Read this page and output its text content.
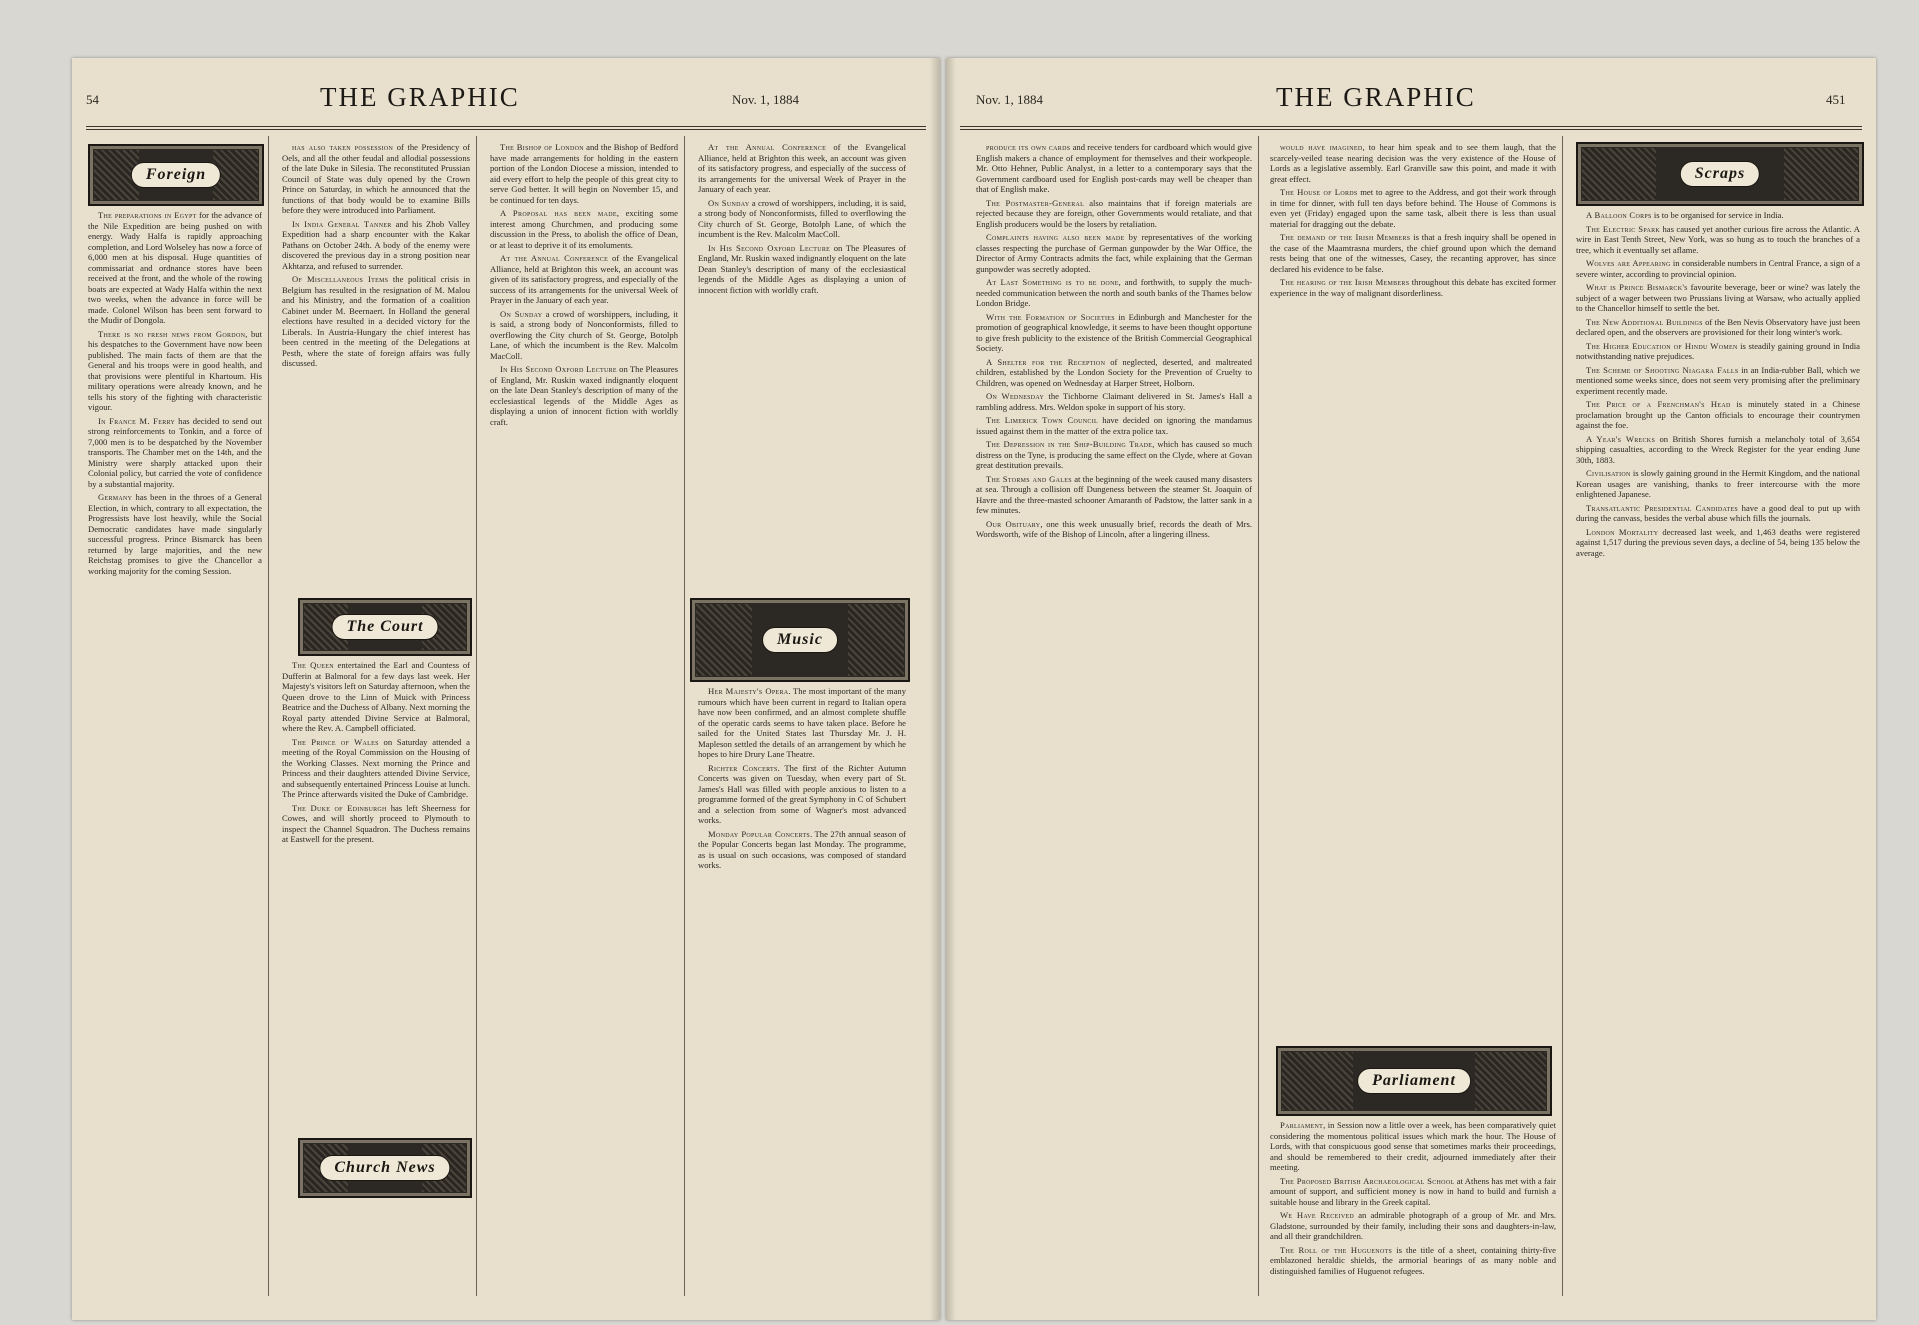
54	THE GRAPHIC	Nov. 1, 1884
Foreign

The preparations in Egypt for the advance of the Nile Expedition are being pushed on with energy. Wady Halfa is rapidly approaching completion, and Lord Wolseley has now a force of 6,000 men at his disposal. Huge quantities of commissariat and ordnance stores have been received at the front, and the whole of the rowing boats are expected at Wady Halfa within the next two weeks, when the advance in force will be made. Colonel Wilson has been sent forward to the Mudir of Dongola.

There is no fresh news from Gordon, but his despatches to the Government have now been published. The main facts of them are that the General and his troops were in good health, and that provisions were plentiful in Khartoum. His military operations were already known, and he tells his story of the fighting with characteristic vigour.

In France M. Ferry has decided to send out strong reinforcements to Tonkin, and a force of 7,000 men is to be despatched by the November transports. The Chamber met on the 14th, and the Ministry were sharply attacked upon their Colonial policy, but carried the vote of confidence by a substantial majority.

Germany has been in the throes of a General Election, in which, contrary to all expectation, the Progressists have lost heavily, while the Social Democratic candidates have made singularly successful progress. Prince Bismarck has been returned by large majorities, and the new Reichstag promises to give the Chancellor a working majority for the coming Session.

has also taken possession of the Presidency of Oels, and all the other feudal and allodial possessions of the late Duke in Silesia. The reconstituted Prussian Council of State was duly opened by the Crown Prince on Saturday, in which he announced that the functions of that body would be to examine Bills before they were introduced into Parliament.

In India General Tanner and his Zhob Valley Expedition had a sharp encounter with the Kakar Pathans on October 24th. A body of the enemy were discovered the previous day in a strong position near Akhtarza, and refused to surrender.

Of Miscellaneous Items the political crisis in Belgium has resulted in the resignation of M. Malou and his Ministry, and the formation of a coalition Cabinet under M. Beernaert. In Holland the general elections have resulted in a decided victory for the Liberals. In Austria-Hungary the chief interest has been centred in the meeting of the Delegations at Pesth, where the state of foreign affairs was fully discussed.

The Court

The Queen entertained the Earl and Countess of Dufferin at Balmoral for a few days last week. Her Majesty's visitors left on Saturday afternoon, when the Queen drove to the Linn of Muick with Princess Beatrice and the Duchess of Albany. Next morning the Royal party attended Divine Service at Balmoral, where the Rev. A. Campbell officiated.

The Prince of Wales on Saturday attended a meeting of the Royal Commission on the Housing of the Working Classes. Next morning the Prince and Princess and their daughters attended Divine Service, and subsequently entertained Princess Louise at lunch. The Prince afterwards visited the Duke of Cambridge.

The Duke of Edinburgh has left Sheerness for Cowes, and will shortly proceed to Plymouth to inspect the Channel Squadron. The Duchess remains at Eastwell for the present.

Church News

The Bishop of London and the Bishop of Bedford have made arrangements for holding in the eastern portion of the London Diocese a mission, intended to aid every effort to help the people of this great city to serve God better. It will begin on November 15, and be continued for ten days.

A Proposal has been made, exciting some interest among Churchmen, and producing some discussion in the Press, to abolish the office of Dean, or at least to deprive it of its emoluments.

At the Annual Conference of the Evangelical Alliance, held at Brighton this week, an account was given of its satisfactory progress, and especially of the success of its arrangements for the universal Week of Prayer in the January of each year.

On Sunday a crowd of worshippers, including, it is said, a strong body of Nonconformists, filled to overflowing the City church of St. George, Botolph Lane, of which the incumbent is the Rev. Malcolm MacColl.

In His Second Oxford Lecture on The Pleasures of England, Mr. Ruskin waxed indignantly eloquent on the late Dean Stanley's description of many of the ecclesiastical legends of the Middle Ages as displaying a union of innocent fiction with worldly craft.

Music

At the Annual Conference of the Evangelical Alliance, held at Brighton this week, an account was given of its satisfactory progress, and especially of the success of its arrangements for the universal Week of Prayer in the January of each year.

On Sunday a crowd of worshippers, including, it is said, a strong body of Nonconformists, filled to overflowing the City church of St. George, Botolph Lane, of which the incumbent is the Rev. Malcolm MacColl.

In His Second Oxford Lecture on The Pleasures of England, Mr. Ruskin waxed indignantly eloquent on the late Dean Stanley's description of many of the ecclesiastical legends of the Middle Ages as displaying a union of innocent fiction with worldly craft.

Her Majesty's Opera. The most important of the many rumours which have been current in regard to Italian opera have now been confirmed, and an almost complete shuffle of the operatic cards seems to have taken place. Before he sailed for the United States last Thursday Mr. J. H. Mapleson settled the details of an arrangement by which he hopes to hire Drury Lane Theatre.

Richter Concerts. The first of the Richter Autumn Concerts was given on Tuesday, when every part of St. James's Hall was filled with people anxious to listen to a programme formed of the great Symphony in C of Schubert and a selection from some of Wagner's most advanced works.

Monday Popular Concerts. The 27th annual season of the Popular Concerts began last Monday. The programme, as is usual on such occasions, was composed of standard works.

Nov. 1, 1884	THE GRAPHIC	451

produce its own cards and receive tenders for cardboard which would give English makers a chance of employment for themselves and their workpeople. Mr. Otto Hehner, Public Analyst, in a letter to a contemporary says that the Government cardboard used for English post-cards may well be cheaper than that of English make.

The Postmaster-General also maintains that if foreign materials are rejected because they are foreign, other Governments would retaliate, and that English producers would be the losers by retaliation.

Complaints having also been made by representatives of the working classes respecting the purchase of German gunpowder by the War Office, the Director of Army Contracts admits the fact, while explaining that the German gunpowder was secretly adopted.

At Last Something is to be done, and forthwith, to supply the much-needed communication between the north and south banks of the Thames below London Bridge.

With the Formation of Societies in Edinburgh and Manchester for the promotion of geographical knowledge, it seems to have been thought opportune to give fresh publicity to the existence of the British Commercial Geographical Society.

A Shelter for the Reception of neglected, deserted, and maltreated children, established by the London Society for the Prevention of Cruelty to Children, was opened on Wednesday at Harper Street, Holborn.

On Wednesday the Tichborne Claimant delivered in St. James's Hall a rambling address. Mrs. Weldon spoke in support of his story.

The Limerick Town Council have decided on ignoring the mandamus issued against them in the matter of the extra police tax.

The Depression in the Ship-Building Trade, which has caused so much distress on the Tyne, is producing the same effect on the Clyde, where at Govan great destitution prevails.

The Storms and Gales at the beginning of the week caused many disasters at sea. Through a collision off Dungeness between the steamer St. Joaquin of Havre and the three-masted schooner Amaranth of Padstow, the latter sank in a few minutes.

Our Obituary, one this week unusually brief, records the death of Mrs. Wordsworth, wife of the Bishop of Lincoln, after a lingering illness.

would have imagined, to hear him speak and to see them laugh, that the scarcely-veiled tease nearing decision was the very existence of the House of Lords as a legislative assembly. Earl Granville saw this point, and made it with great effect.

The House of Lords met to agree to the Address, and got their work through in time for dinner, with full ten days before behind. The House of Commons is even yet (Friday) engaged upon the same task, albeit there is less than usual material for dragging out the debate.

The demand of the Irish Members is that a fresh inquiry shall be opened in the case of the Maamtrasna murders, the chief ground upon which the demand rests being that one of the witnesses, Casey, the recanting approver, has since declared his evidence to be false.

The hearing of the Irish Members throughout this debate has excited former experience in the way of malignant disorderliness.

Parliament

Parliament, in Session now a little over a week, has been comparatively quiet considering the momentous political issues which mark the hour. The House of Lords, with that conspicuous good sense that sometimes marks their proceedings, and should be remembered to their credit, adjourned immediately after their meeting.

The Proposed British Archaeological School at Athens has met with a fair amount of support, and sufficient money is now in hand to build and furnish a suitable house and library in the Greek capital.

We Have Received an admirable photograph of a group of Mr. and Mrs. Gladstone, surrounded by their family, including their sons and daughters-in-law, and all their grandchildren.

The Roll of the Huguenots is the title of a sheet, containing thirty-five emblazoned heraldic shields, the armorial bearings of as many noble and distinguished families of Huguenot refugees.

Scraps

A Balloon Corps is to be organised for service in India.

The Electric Spark has caused yet another curious fire across the Atlantic. A wire in East Tenth Street, New York, was so hung as to touch the branches of a tree, which it eventually set aflame.

Wolves are Appearing in considerable numbers in Central France, a sign of a severe winter, according to provincial opinion.

What is Prince Bismarck's favourite beverage, beer or wine? was lately the subject of a wager between two Prussians living at Warsaw, who actually applied to the Chancellor himself to settle the bet.

The New Additional Buildings of the Ben Nevis Observatory have just been declared open, and the observers are provisioned for their long winter's work.

The Higher Education of Hindu Women is steadily gaining ground in India notwithstanding native prejudices.

The Scheme of Shooting Niagara Falls in an India-rubber Ball, which we mentioned some weeks since, does not seem very promising after the preliminary experiment recently made.

The Price of a Frenchman's Head is minutely stated in a Chinese proclamation brought up the Canton officials to encourage their countrymen against the foe.

A Year's Wrecks on British Shores furnish a melancholy total of 3,654 shipping casualties, according to the Wreck Register for the year ending June 30th, 1883.

Civilisation is slowly gaining ground in the Hermit Kingdom, and the national Korean usages are vanishing, thanks to freer intercourse with the more enlightened Japanese.

Transatlantic Presidential Candidates have a good deal to put up with during the canvass, besides the verbal abuse which fills the journals.

London Mortality decreased last week, and 1,463 deaths were registered against 1,517 during the previous seven days, a decline of 54, being 135 below the average.
